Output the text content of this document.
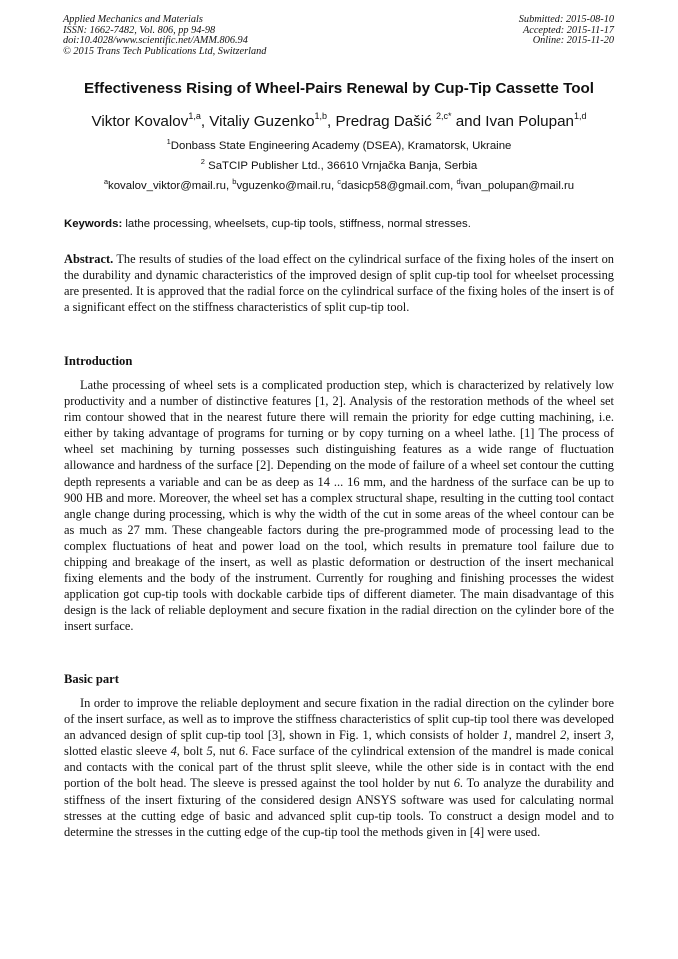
Applied Mechanics and Materials
ISSN: 1662-7482, Vol. 806, pp 94-98
doi:10.4028/www.scientific.net/AMM.806.94
© 2015 Trans Tech Publications Ltd, Switzerland
Submitted: 2015-08-10
Accepted: 2015-11-17
Online: 2015-11-20
Effectiveness Rising of Wheel-Pairs Renewal by Cup-Tip Cassette Tool
Viktor Kovalov$^{1,a}$, Vitaliy Guzenko$^{1,b}$, Predrag Dašić $^{2,c*}$ and Ivan Polupan$^{1,d}$
$^1$Donbass State Engineering Academy (DSEA), Kramatorsk, Ukraine
$^2$ SaTCIP Publisher Ltd., 36610 Vrnjačka Banja, Serbia
$^a$kovalov_viktor@mail.ru, $^b$vguzenko@mail.ru, $^c$dasicp58@gmail.com, $^d$ivan_polupan@mail.ru
Keywords: lathe processing, wheelsets, cup-tip tools, stiffness, normal stresses.
Abstract. The results of studies of the load effect on the cylindrical surface of the fixing holes of the insert on the durability and dynamic characteristics of the improved design of split cup-tip tool for wheelset processing are presented. It is approved that the radial force on the cylindrical surface of the fixing holes of the insert is of a significant effect on the stiffness characteristics of split cup-tip tool.
Introduction
Lathe processing of wheel sets is a complicated production step, which is characterized by relatively low productivity and a number of distinctive features [1, 2]. Analysis of the restoration methods of the wheel set rim contour showed that in the nearest future there will remain the priority for edge cutting machining, i.e. either by taking advantage of programs for turning or by copy turning on a wheel lathe. [1] The process of wheel set machining by turning possesses such distinguishing features as a wide range of fluctuation allowance and hardness of the surface [2]. Depending on the mode of failure of a wheel set contour the cutting depth represents a variable and can be as deep as 14 ... 16 mm, and the hardness of the surface can be up to 900 HB and more. Moreover, the wheel set has a complex structural shape, resulting in the cutting tool contact angle change during processing, which is why the width of the cut in some areas of the wheel contour can be as much as 27 mm. These changeable factors during the pre-programmed mode of processing lead to the complex fluctuations of heat and power load on the tool, which results in premature tool failure due to chipping and breakage of the insert, as well as plastic deformation or destruction of the insert mechanical fixing elements and the body of the instrument. Currently for roughing and finishing processes the widest application got cup-tip tools with dockable carbide tips of different diameter. The main disadvantage of this design is the lack of reliable deployment and secure fixation in the radial direction on the cylinder bore of the insert surface.
Basic part
In order to improve the reliable deployment and secure fixation in the radial direction on the cylinder bore of the insert surface, as well as to improve the stiffness characteristics of split cup-tip tool there was developed an advanced design of split cup-tip tool [3], shown in Fig. 1, which consists of holder 1, mandrel 2, insert 3, slotted elastic sleeve 4, bolt 5, nut 6. Face surface of the cylindrical extension of the mandrel is made conical and contacts with the conical part of the thrust split sleeve, while the other side is in contact with the end portion of the bolt head. The sleeve is pressed against the tool holder by nut 6. To analyze the durability and stiffness of the insert fixturing of the considered design ANSYS software was used for calculating normal stresses at the cutting edge of basic and advanced split cup-tip tools. To construct a design model and to determine the stresses in the cutting edge of the cup-tip tool the methods given in [4] were used.
